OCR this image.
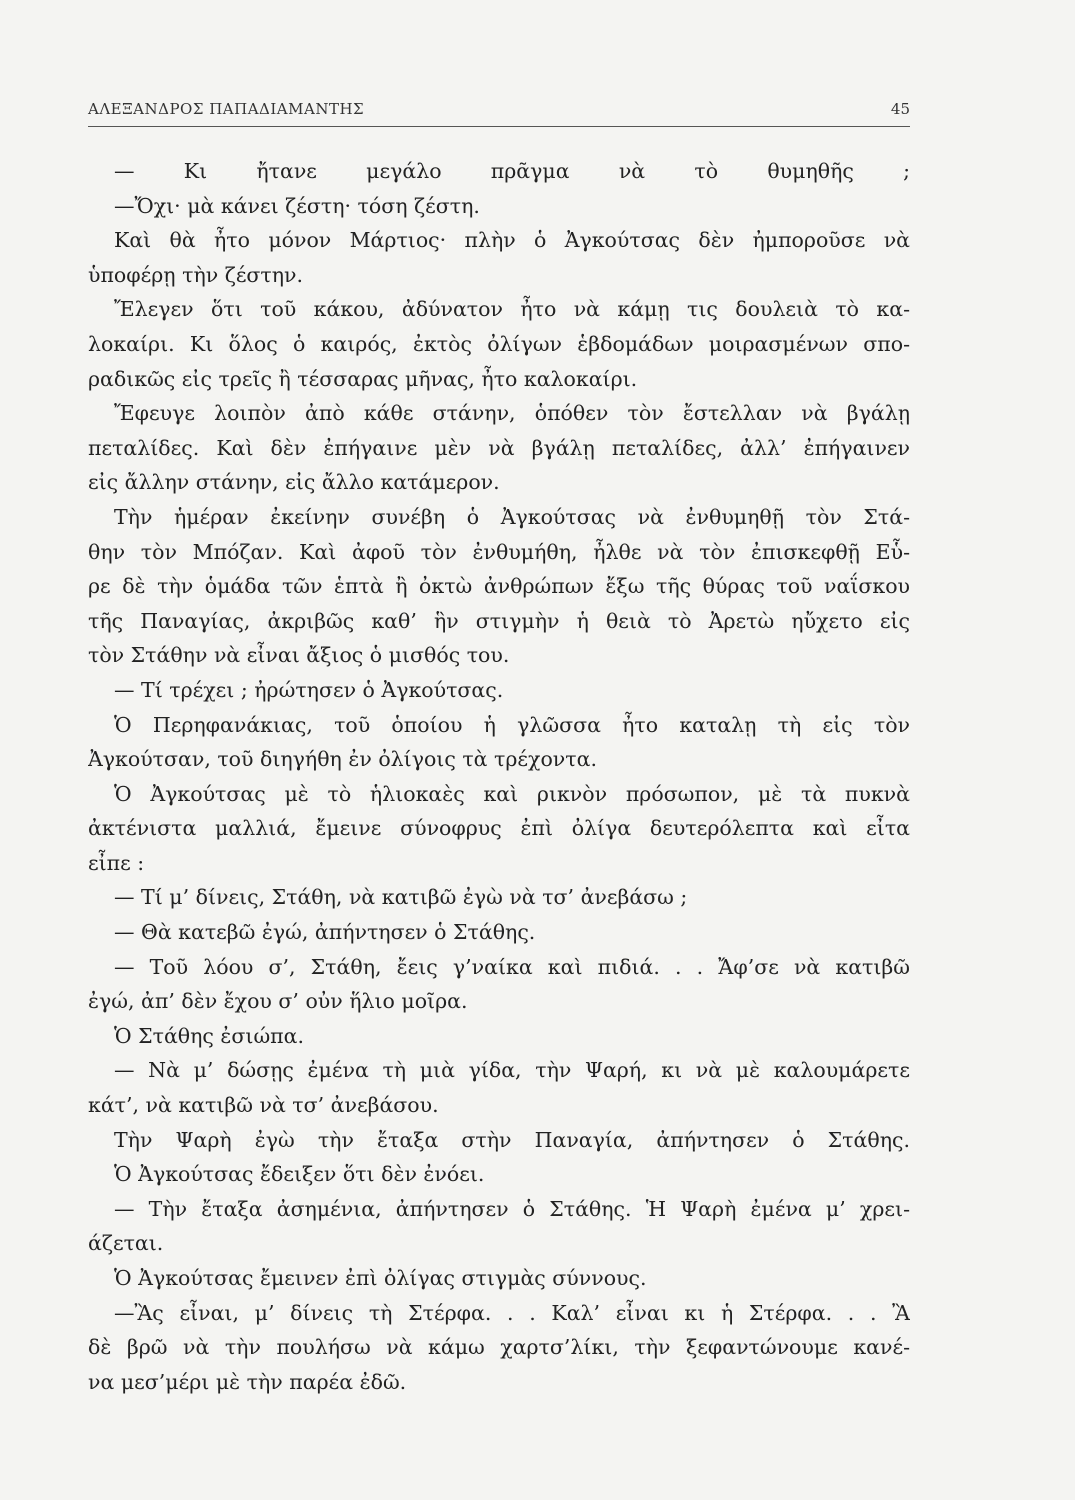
ΑΛΕΞΑΝΔΡΟΣ ΠΑΠΑΔΙΑΜΑΝΤΗΣ	45
— Κι ἤτανε μεγάλο πρᾶγμα νὰ τὸ θυμηθῆς ;
—Ὄχι· μὰ κάνει ζέστη· τόση ζέστη.
Καὶ θὰ ἦτο μόνον Μάρτιος· πλὴν ὁ Ἀγκούτσας δὲν ἠμποροῦσε νὰ
ὑποφέρῃ τὴν ζέστην.
Ἔλεγεν ὅτι τοῦ κάκου, ἀδύνατον ἦτο νὰ κάμῃ τις δουλειὰ τὸ κα-
λοκαίρι. Κι ὅλος ὁ καιρός, ἐκτὸς ὀλίγων ἑβδομάδων μοιρασμένων σπο-
ραδικῶς εἰς τρεῖς ἢ τέσσαρας μῆνας, ἦτο καλοκαίρι.
Ἔφευγε λοιπὸν ἀπὸ κάθε στάνην, ὁπόθεν τὸν ἔστελλαν νὰ βγάλῃ
πεταλίδες. Καὶ δὲν ἐπήγαινε μὲν νὰ βγάλῃ πεταλίδες, ἀλλ’ ἐπήγαινεν
εἰς ἄλλην στάνην, εἰς ἄλλο κατάμερον.
Τὴν ἡμέραν ἐκείνην συνέβη ὁ Ἀγκούτσας νὰ ἐνθυμηθῇ τὸν Στά-
θην τὸν Μπόζαν. Καὶ ἀφοῦ τὸν ἐνθυμήθη, ἦλθε νὰ τὸν ἐπισκεφθῇ Εὗ-
ρε δὲ τὴν ὁμάδα τῶν ἑπτὰ ἢ ὀκτὼ ἀνθρώπων ἔξω τῆς θύρας τοῦ ναΐσκου
τῆς Παναγίας, ἀκριβῶς καθ’ ἣν στιγμὴν ἡ θειὰ τὸ Ἀρετὼ ηὔχετο εἰς
τὸν Στάθην νὰ εἶναι ἄξιος ὁ μισθός του.
— Τί τρέχει ; ἠρώτησεν ὁ Ἀγκούτσας.
Ὁ Περηφανάκιας, τοῦ ὁποίου ἡ γλῶσσα ἦτο καταλῃ τὴ εἰς τὸν
Ἀγκούτσαν, τοῦ διηγήθη ἐν ὀλίγοις τὰ τρέχοντα.
Ὁ Ἀγκούτσας μὲ τὸ ἡλιοκαὲς καὶ ρικνὸν πρόσωπον, μὲ τὰ πυκνὰ
ἀκτένιστα μαλλιά, ἔμεινε σύνοφρυς ἐπὶ ὀλίγα δευτερόλεπτα καὶ εἶτα
εἶπε :
— Τί μ’ δίνεις, Στάθη, νὰ κατιβῶ ἐγὼ νὰ τσ’ ἀνεβάσω ;
— Θὰ κατεβῶ ἐγώ, ἀπήντησεν ὁ Στάθης.
— Τοῦ λόου σ’, Στάθη, ἔεις γ’ναίκα καὶ πιδιά. . . Ἄφ’σε νὰ κατιβῶ
ἐγώ, ἀπ’ δὲν ἔχου σ’ οὐν ἥλιο μοῖρα.
Ὁ Στάθης ἐσιώπα.
— Νὰ μ’ δώσῃς ἐμένα τὴ μιὰ γίδα, τὴν Ψαρή, κι νὰ μὲ καλουμάρετε
κάτ’, νὰ κατιβῶ νὰ τσ’ ἀνεβάσου.
Τὴν Ψαρὴ ἐγὼ τὴν ἔταξα στὴν Παναγία, ἀπήντησεν ὁ Στάθης.
Ὁ Ἀγκούτσας ἔδειξεν ὅτι δὲν ἐνόει.
— Τὴν ἔταξα ἀσημένια, ἀπήντησεν ὁ Στάθης. Ἡ Ψαρὴ ἐμένα μ’ χρει-
άζεται.
Ὁ Ἀγκούτσας ἔμεινεν ἐπὶ ὀλίγας στιγμὰς σύννους.
—Ἂς εἶναι, μ’ δίνεις τὴ Στέρφα. . . Καλ’ εἶναι κι ἡ Στέρφα. . . Ἂ
δὲ βρῶ νὰ τὴν πουλήσω νὰ κάμω χαρτσ’λίκι, τὴν ξεφαντώνουμε κανέ-
να μεσ’μέρι μὲ τὴν παρέα ἐδῶ.
